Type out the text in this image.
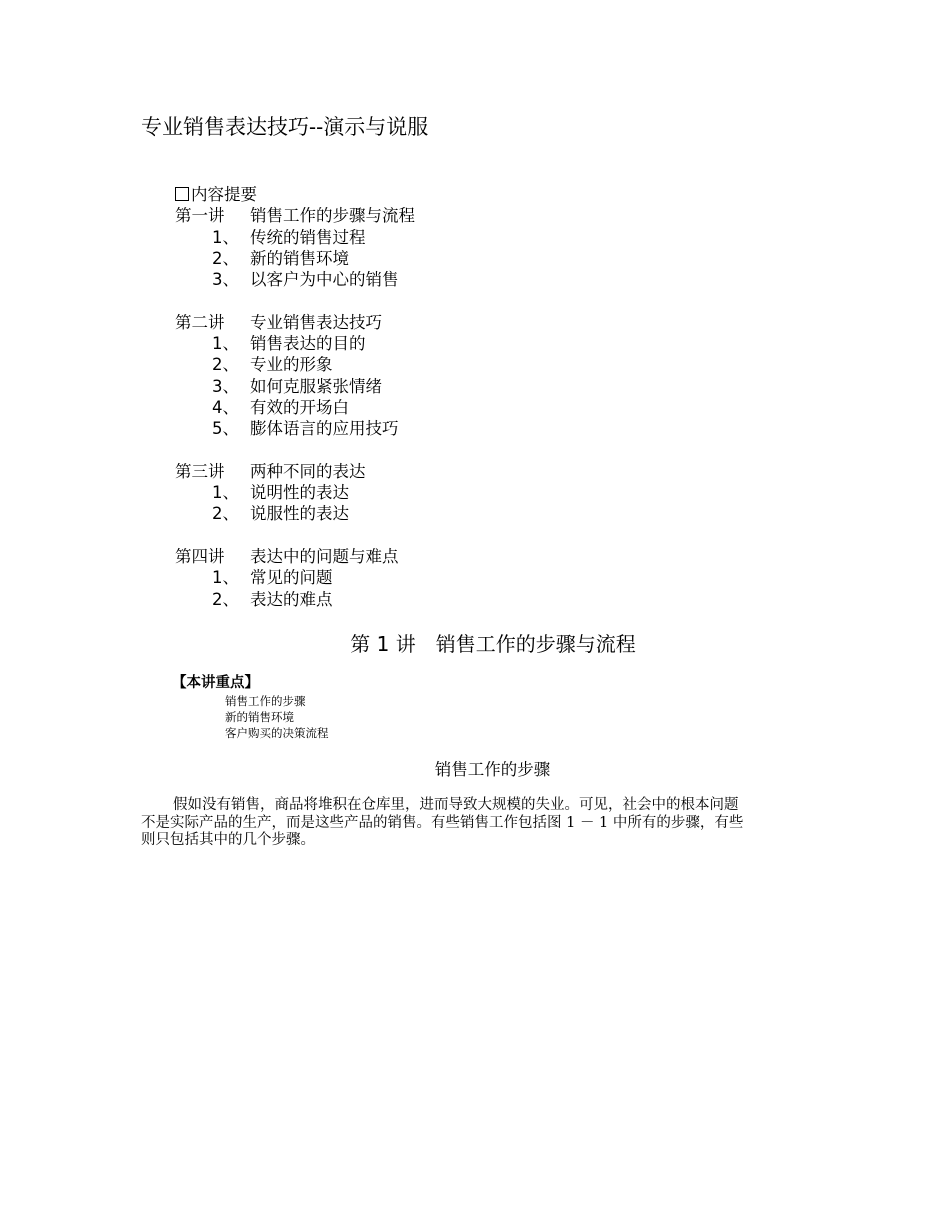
专业销售表达技巧--演示与说服
内容提要
第一讲 销售工作的步骤与流程
1、 传统的销售过程
2、 新的销售环境
3、 以客户为中心的销售
第二讲 专业销售表达技巧
1、 销售表达的目的
2、 专业的形象
3、 如何克服紧张情绪
4、 有效的开场白
5、 膨体语言的应用技巧
第三讲 两种不同的表达
1、 说明性的表达
2、 说服性的表达
第四讲 表达中的问题与难点
1、 常见的问题
2、 表达的难点
第 1 讲　销售工作的步骤与流程
【本讲重点】
销售工作的步骤
新的销售环境
客户购买的决策流程
销售工作的步骤
假如没有销售，商品将堆积在仓库里，进而导致大规模的失业。可见，社会中的根本问题
不是实际产品的生产，而是这些产品的销售。有些销售工作包括图 1 － 1 中所有的步骤，有些
则只包括其中的几个步骤。
